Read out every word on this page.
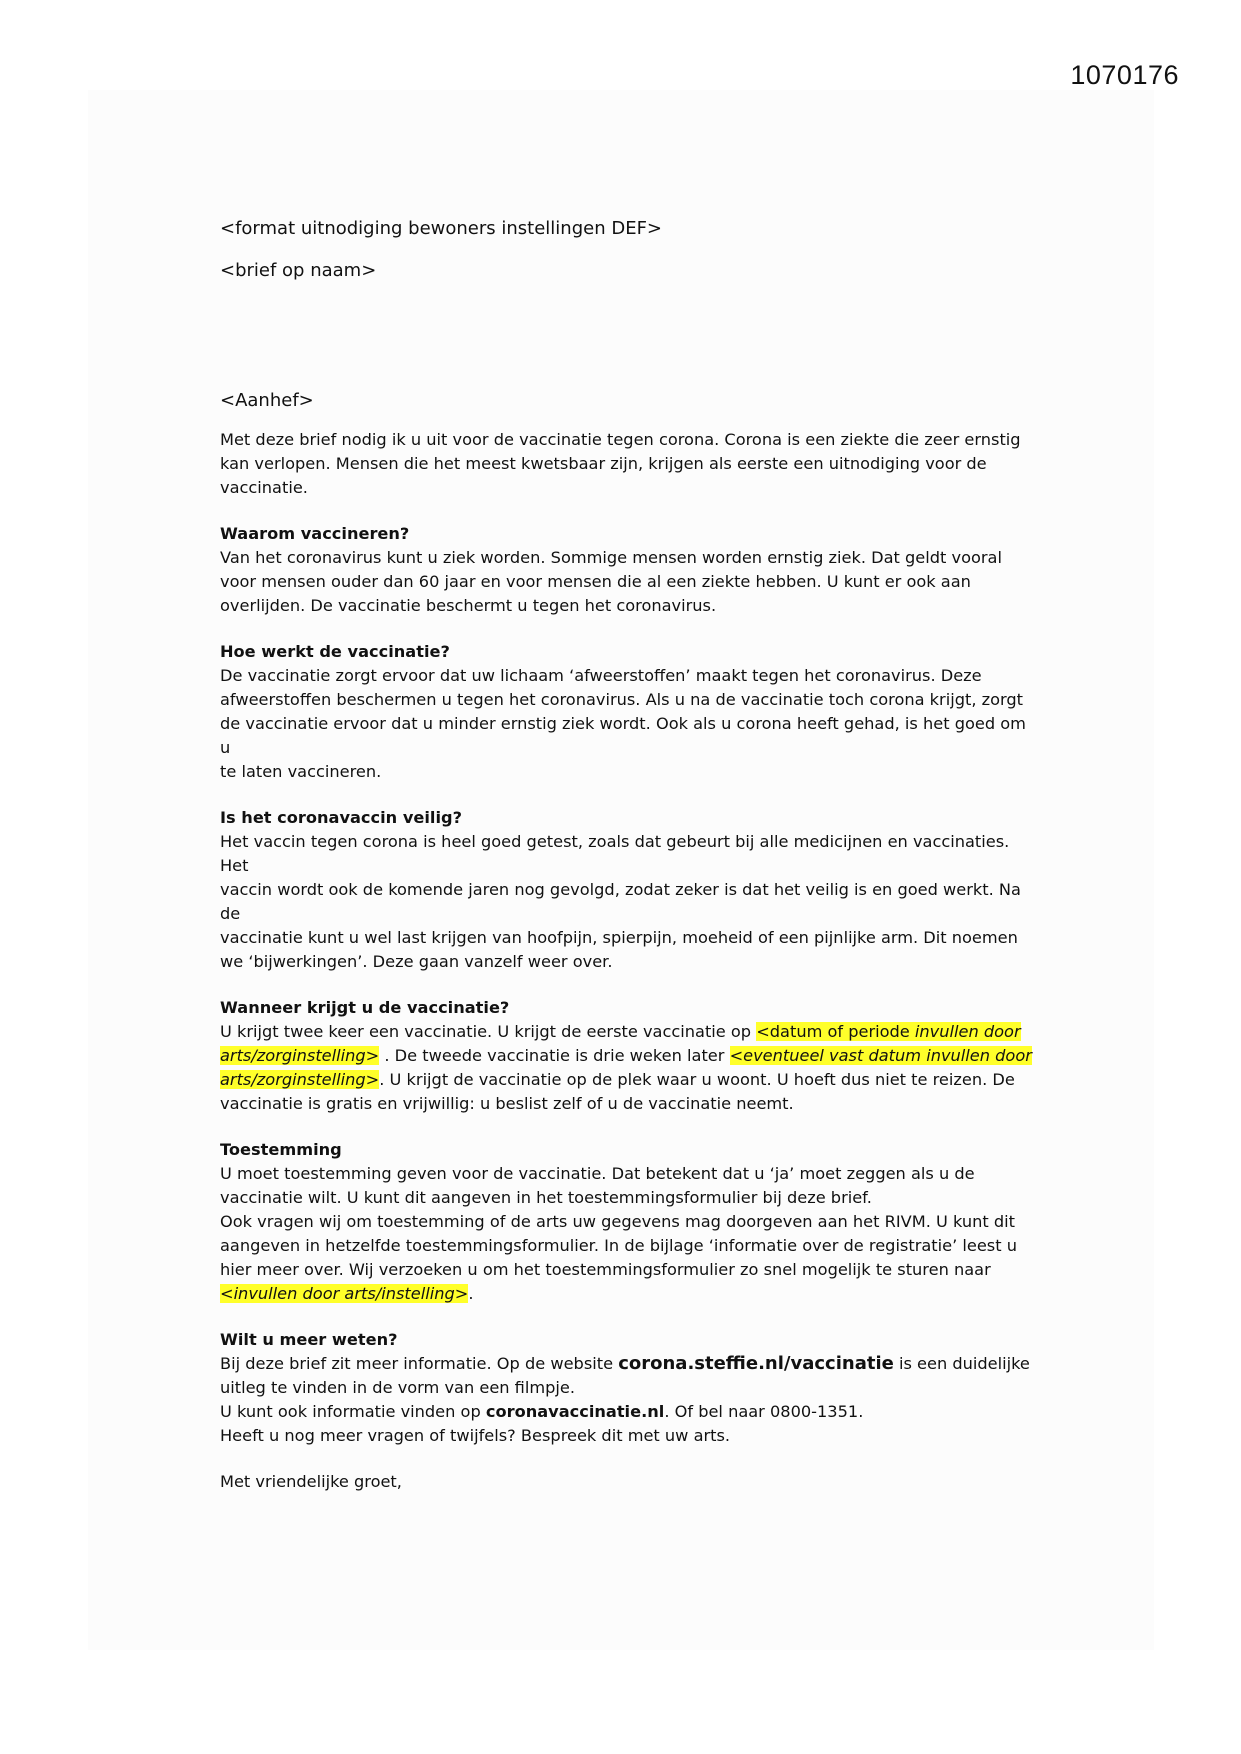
1070176

<format uitnodiging bewoners instellingen DEF>

<brief op naam>

<Aanhef>

Met deze brief nodig ik u uit voor de vaccinatie tegen corona. Corona is een ziekte die zeer ernstig

kan verlopen. Mensen die het meest kwetsbaar zijn, krijgen als eerste een uitnodiging voor de

vaccinatie.

Waarom vaccineren?

Van het coronavirus kunt u ziek worden. Sommige mensen worden ernstig ziek. Dat geldt vooral

voor mensen ouder dan 60 jaar en voor mensen die al een ziekte hebben. U kunt er ook aan

overlijden. De vaccinatie beschermt u tegen het coronavirus.

Hoe werkt de vaccinatie?

De vaccinatie zorgt ervoor dat uw lichaam ‘afweerstoffen’ maakt tegen het coronavirus. Deze

afweerstoffen beschermen u tegen het coronavirus. Als u na de vaccinatie toch corona krijgt, zorgt

de vaccinatie ervoor dat u minder ernstig ziek wordt. Ook als u corona heeft gehad, is het goed om u

te laten vaccineren.

Is het coronavaccin veilig?

Het vaccin tegen corona is heel goed getest, zoals dat gebeurt bij alle medicijnen en vaccinaties. Het

vaccin wordt ook de komende jaren nog gevolgd, zodat zeker is dat het veilig is en goed werkt. Na de

vaccinatie kunt u wel last krijgen van hoofpijn, spierpijn, moeheid of een pijnlijke arm. Dit noemen

we ‘bijwerkingen’. Deze gaan vanzelf weer over.

Wanneer krijgt u de vaccinatie?

U krijgt twee keer een vaccinatie. U krijgt de eerste vaccinatie op <datum of periode invullen door

arts/zorginstelling> . De tweede vaccinatie is drie weken later <eventueel vast datum invullen door

arts/zorginstelling>. U krijgt de vaccinatie op de plek waar u woont. U hoeft dus niet te reizen. De

vaccinatie is gratis en vrijwillig: u beslist zelf of u de vaccinatie neemt.

Toestemming

U moet toestemming geven voor de vaccinatie. Dat betekent dat u ‘ja’ moet zeggen als u de

vaccinatie wilt. U kunt dit aangeven in het toestemmingsformulier bij deze brief.

Ook vragen wij om toestemming of de arts uw gegevens mag doorgeven aan het RIVM. U kunt dit

aangeven in hetzelfde toestemmingsformulier. In de bijlage ‘informatie over de registratie’ leest u

hier meer over. Wij verzoeken u om het toestemmingsformulier zo snel mogelijk te sturen naar

<invullen door arts/instelling>.

Wilt u meer weten?

Bij deze brief zit meer informatie. Op de website corona.steffie.nl/vaccinatie is een duidelijke

uitleg te vinden in de vorm van een filmpje.

U kunt ook informatie vinden op coronavaccinatie.nl. Of bel naar 0800-1351.

Heeft u nog meer vragen of twijfels? Bespreek dit met uw arts.

Met vriendelijke groet,
